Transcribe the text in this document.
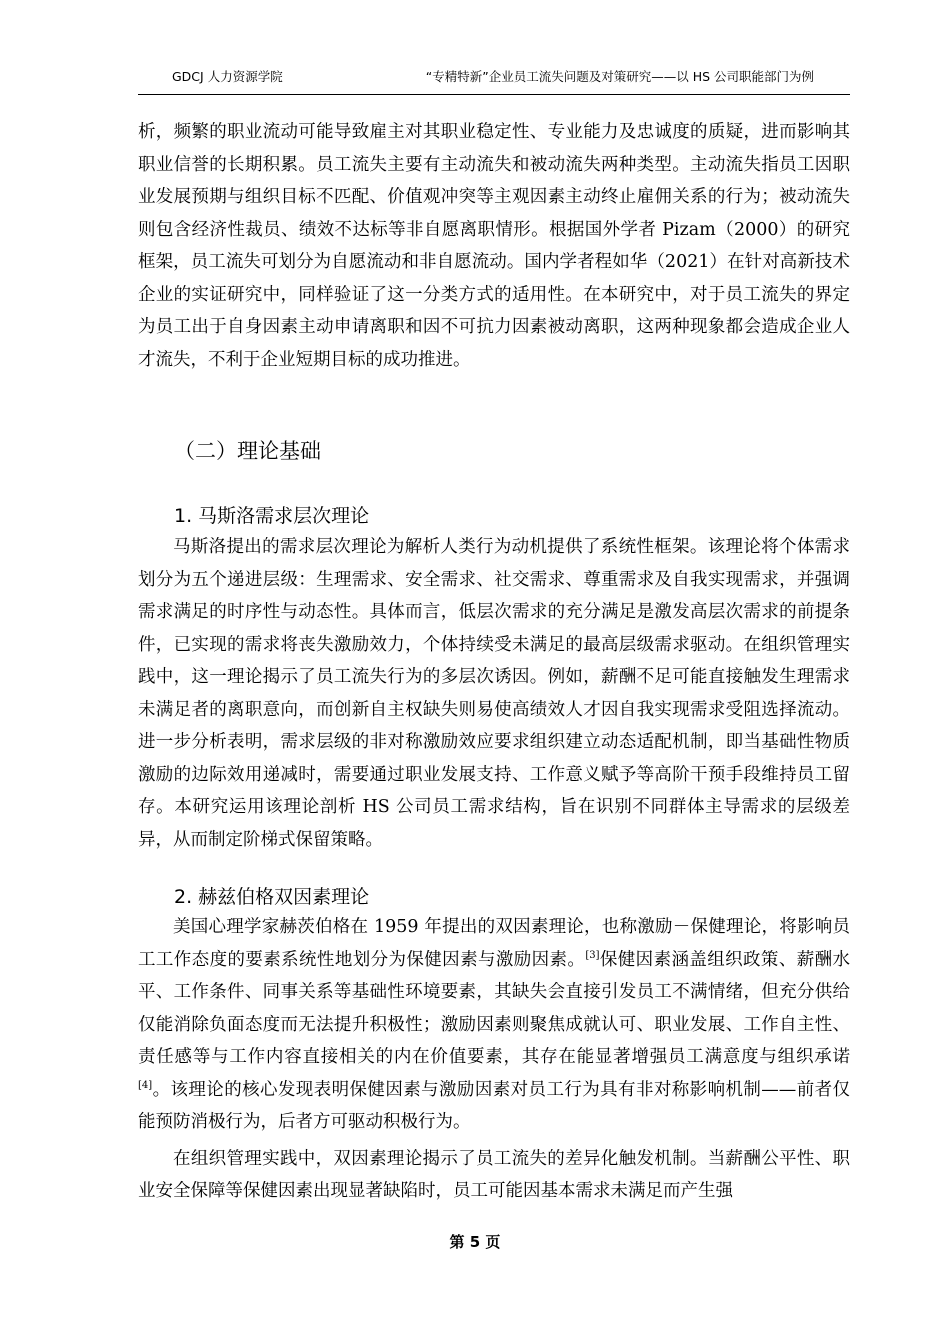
GDCJ 人力资源学院	“专精特新”企业员工流失问题及对策研究——以 HS 公司职能部门为例

析，频繁的职业流动可能导致雇主对其职业稳定性、专业能力及忠诚度的质疑，进而影响其职业信誉的长期积累。员工流失主要有主动流失和被动流失两种类型。主动流失指员工因职业发展预期与组织目标不匹配、价值观冲突等主观因素主动终止雇佣关系的行为；被动流失则包含经济性裁员、绩效不达标等非自愿离职情形。根据国外学者 Pizam（2000）的研究框架，员工流失可划分为自愿流动和非自愿流动。国内学者程如华（2021）在针对高新技术企业的实证研究中，同样验证了这一分类方式的适用性。在本研究中，对于员工流失的界定为员工出于自身因素主动申请离职和因不可抗力因素被动离职，这两种现象都会造成企业人才流失，不利于企业短期目标的成功推进。

（二）理论基础
1. 马斯洛需求层次理论

马斯洛提出的需求层次理论为解析人类行为动机提供了系统性框架。该理论将个体需求划分为五个递进层级：生理需求、安全需求、社交需求、尊重需求及自我实现需求，并强调需求满足的时序性与动态性。具体而言，低层次需求的充分满足是激发高层次需求的前提条件，已实现的需求将丧失激励效力，个体持续受未满足的最高层级需求驱动。在组织管理实践中，这一理论揭示了员工流失行为的多层次诱因。例如，薪酬不足可能直接触发生理需求未满足者的离职意向，而创新自主权缺失则易使高绩效人才因自我实现需求受阻选择流动。进一步分析表明，需求层级的非对称激励效应要求组织建立动态适配机制，即当基础性物质激励的边际效用递减时，需要通过职业发展支持、工作意义赋予等高阶干预手段维持员工留存。本研究运用该理论剖析 HS 公司员工需求结构，旨在识别不同群体主导需求的层级差异，从而制定阶梯式保留策略。

2. 赫兹伯格双因素理论

美国心理学家赫茨伯格在 1959 年提出的双因素理论，也称激励－保健理论，将影响员工工作态度的要素系统性地划分为保健因素与激励因素。[3]保健因素涵盖组织政策、薪酬水平、工作条件、同事关系等基础性环境要素，其缺失会直接引发员工不满情绪，但充分供给仅能消除负面态度而无法提升积极性；激励因素则聚焦成就认可、职业发展、工作自主性、责任感等与工作内容直接相关的内在价值要素，其存在能显著增强员工满意度与组织承诺[4]。该理论的核心发现表明保健因素与激励因素对员工行为具有非对称影响机制——前者仅能预防消极行为，后者方可驱动积极行为。

在组织管理实践中，双因素理论揭示了员工流失的差异化触发机制。当薪酬公平性、职业安全保障等保健因素出现显著缺陷时，员工可能因基本需求未满足而产生强

第 5 页
